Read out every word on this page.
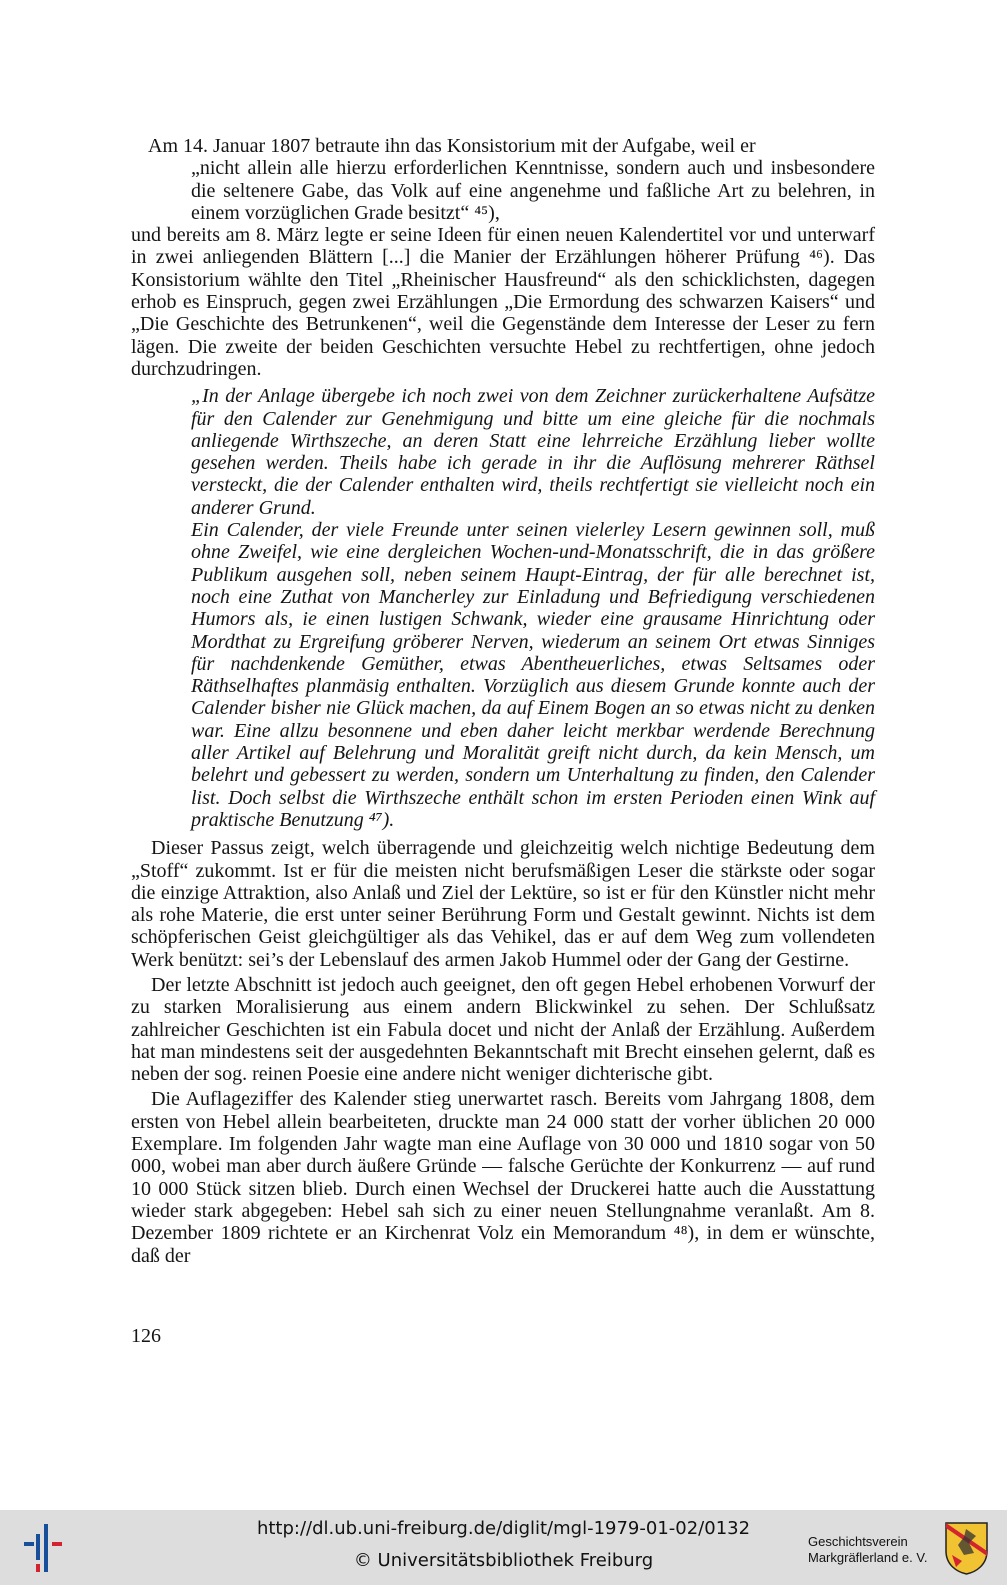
Am 14. Januar 1807 betraute ihn das Konsistorium mit der Aufgabe, weil er

„nicht allein alle hierzu erforderlichen Kenntnisse, sondern auch und insbesondere die seltenere Gabe, das Volk auf eine angenehme und faßliche Art zu belehren, in einem vorzüglichen Grade besitzt“ ⁴⁵),

und bereits am 8. März legte er seine Ideen für einen neuen Kalendertitel vor und unterwarf in zwei anliegenden Blättern [...] die Manier der Erzählungen höherer Prüfung ⁴⁶). Das Konsistorium wählte den Titel „Rheinischer Hausfreund“ als den schicklichsten, dagegen erhob es Einspruch, gegen zwei Erzählungen „Die Ermordung des schwarzen Kaisers“ und „Die Geschichte des Betrunkenen“, weil die Gegenstände dem Interesse der Leser zu fern lägen. Die zweite der beiden Geschichten versuchte Hebel zu rechtfertigen, ohne jedoch durchzudringen.

„In der Anlage übergebe ich noch zwei von dem Zeichner zurückerhaltene Aufsätze für den Calender zur Genehmigung und bitte um eine gleiche für die nochmals anliegende Wirthszeche, an deren Statt eine lehrreiche Erzählung lieber wollte gesehen werden. Theils habe ich gerade in ihr die Auflösung mehrerer Räthsel versteckt, die der Calender enthalten wird, theils rechtfertigt sie vielleicht noch ein anderer Grund.

Ein Calender, der viele Freunde unter seinen vielerley Lesern gewinnen soll, muß ohne Zweifel, wie eine dergleichen Wochen-und-Monatsschrift, die in das größere Publikum ausgehen soll, neben seinem Haupt-Eintrag, der für alle berechnet ist, noch eine Zuthat von Mancherley zur Einladung und Befriedigung verschiedenen Humors als, ie einen lustigen Schwank, wieder eine grausame Hinrichtung oder Mordthat zu Ergreifung gröberer Nerven, wiederum an seinem Ort etwas Sinniges für nachdenkende Gemüther, etwas Abentheuerliches, etwas Seltsames oder Räthselhaftes planmäsig enthalten. Vorzüglich aus diesem Grunde konnte auch der Calender bisher nie Glück machen, da auf Einem Bogen an so etwas nicht zu denken war. Eine allzu besonnene und eben daher leicht merkbar werdende Berechnung aller Artikel auf Belehrung und Moralität greift nicht durch, da kein Mensch, um belehrt und gebessert zu werden, sondern um Unterhaltung zu finden, den Calender list. Doch selbst die Wirthszeche enthält schon im ersten Perioden einen Wink auf praktische Benutzung ⁴⁷).

Dieser Passus zeigt, welch überragende und gleichzeitig welch nichtige Bedeutung dem „Stoff“ zukommt. Ist er für die meisten nicht berufsmäßigen Leser die stärkste oder sogar die einzige Attraktion, also Anlaß und Ziel der Lektüre, so ist er für den Künstler nicht mehr als rohe Materie, die erst unter seiner Berührung Form und Gestalt gewinnt. Nichts ist dem schöpferischen Geist gleichgültiger als das Vehikel, das er auf dem Weg zum vollendeten Werk benützt: sei’s der Lebenslauf des armen Jakob Hummel oder der Gang der Gestirne.

Der letzte Abschnitt ist jedoch auch geeignet, den oft gegen Hebel erhobenen Vorwurf der zu starken Moralisierung aus einem andern Blickwinkel zu sehen. Der Schlußsatz zahlreicher Geschichten ist ein Fabula docet und nicht der Anlaß der Erzählung. Außerdem hat man mindestens seit der ausgedehnten Bekanntschaft mit Brecht einsehen gelernt, daß es neben der sog. reinen Poesie eine andere nicht weniger dichterische gibt.

Die Auflageziffer des Kalender stieg unerwartet rasch. Bereits vom Jahrgang 1808, dem ersten von Hebel allein bearbeiteten, druckte man 24 000 statt der vorher üblichen 20 000 Exemplare. Im folgenden Jahr wagte man eine Auflage von 30 000 und 1810 sogar von 50 000, wobei man aber durch äußere Gründe — falsche Gerüchte der Konkurrenz — auf rund 10 000 Stück sitzen blieb. Durch einen Wechsel der Druckerei hatte auch die Ausstattung wieder stark abgegeben: Hebel sah sich zu einer neuen Stellungnahme veranlaßt. Am 8. Dezember 1809 richtete er an Kirchenrat Volz ein Memorandum ⁴⁸), in dem er wünschte, daß der

126
http://dl.ub.uni-freiburg.de/diglit/mgl-1979-01-02/0132
© Universitätsbibliothek Freiburg
Geschichtsverein
Markgräflerland e. V.
